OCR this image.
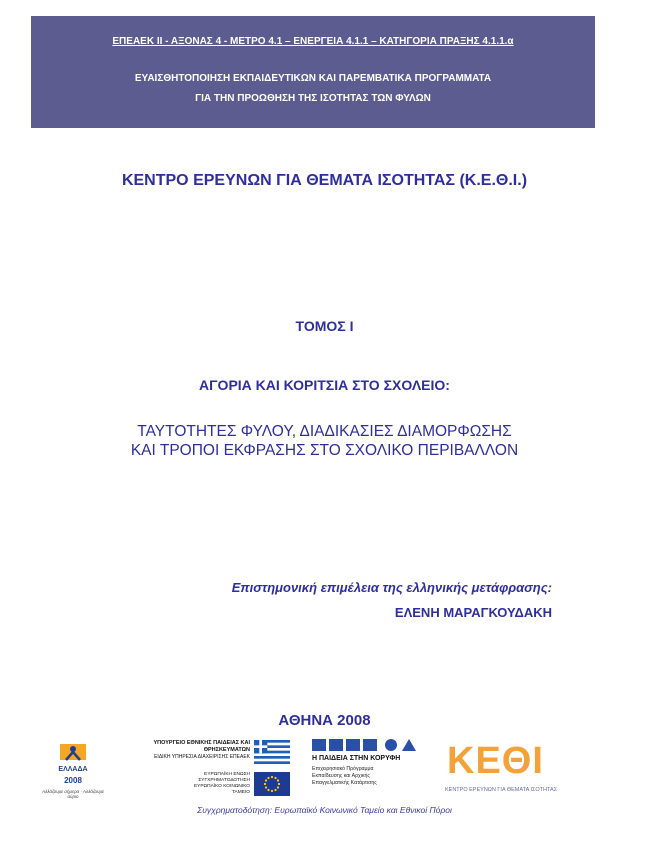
ΕΠΕΑΕΚ ΙΙ - ΑΞΟΝΑΣ 4 - ΜΕΤΡΟ 4.1 – ΕΝΕΡΓΕΙΑ 4.1.1 – ΚΑΤΗΓΟΡΙΑ ΠΡΑΞΗΣ 4.1.1.α
ΕΥΑΙΣΘΗΤΟΠΟΙΗΣΗ ΕΚΠΑΙΔΕΥΤΙΚΩΝ ΚΑΙ ΠΑΡΕΜΒΑΤΙΚΑ ΠΡΟΓΡΑΜΜΑΤΑ
ΓΙΑ ΤΗΝ ΠΡΟΩΘΗΣΗ ΤΗΣ ΙΣΟΤΗΤΑΣ ΤΩΝ ΦΥΛΩΝ
ΚΕΝΤΡΟ ΕΡΕΥΝΩΝ ΓΙΑ ΘΕΜΑΤΑ ΙΣΟΤΗΤΑΣ (Κ.Ε.Θ.Ι.)
ΤΟΜΟΣ Ι
ΑΓΟΡΙΑ ΚΑΙ ΚΟΡΙΤΣΙΑ ΣΤΟ ΣΧΟΛΕΙΟ:
ΤΑΥΤΟΤΗΤΕΣ ΦΥΛΟΥ, ΔΙΑΔΙΚΑΣΙΕΣ ΔΙΑΜΟΡΦΩΣΗΣ
ΚΑΙ ΤΡΟΠΟΙ ΕΚΦΡΑΣΗΣ ΣΤΟ ΣΧΟΛΙΚΟ ΠΕΡΙΒΑΛΛΟΝ
Επιστημονική επιμέλεια της ελληνικής μετάφρασης:
ΕΛΕΝΗ ΜΑΡΑΓΚΟΥΔΑΚΗ
ΑΘΗΝΑ 2008
ΕΛΛΑΔΑ
2008
Αλλάζουμε σήμερα · Αλλάζουμε αύριο
ΥΠΟΥΡΓΕΙΟ ΕΘΝΙΚΗΣ ΠΑΙΔΕΙΑΣ ΚΑΙ ΘΡΗΣΚΕΥΜΑΤΩΝ
ΕΙΔΙΚΗ ΥΠΗΡΕΣΙΑ ΔΙΑΧΕΙΡΙΣΗΣ ΕΠΕΑΕΚ
ΕΥΡΩΠΑΪΚΗ ΕΝΩΣΗ
ΣΥΓΧΡΗΜΑΤΟΔΟΤΗΣΗ
ΕΥΡΩΠΑΪΚΟ ΚΟΙΝΩΝΙΚΟ ΤΑΜΕΙΟ
Η ΠΑΙΔΕΙΑ ΣΤΗΝ ΚΟΡΥΦΗ
Επιχειρησιακό Πρόγραμμα
Εκπαίδευσης και Αρχικής
Επαγγελματικής Κατάρτισης
ΚΕΘΙ
ΚΕΝΤΡΟ ΕΡΕΥΝΩΝ ΓΙΑ ΘΕΜΑΤΑ ΙΣΟΤΗΤΑΣ
Συγχρηματοδότηση: Ευρωπαϊκό Κοινωνικό Ταμείο και Εθνικοί Πόροι
